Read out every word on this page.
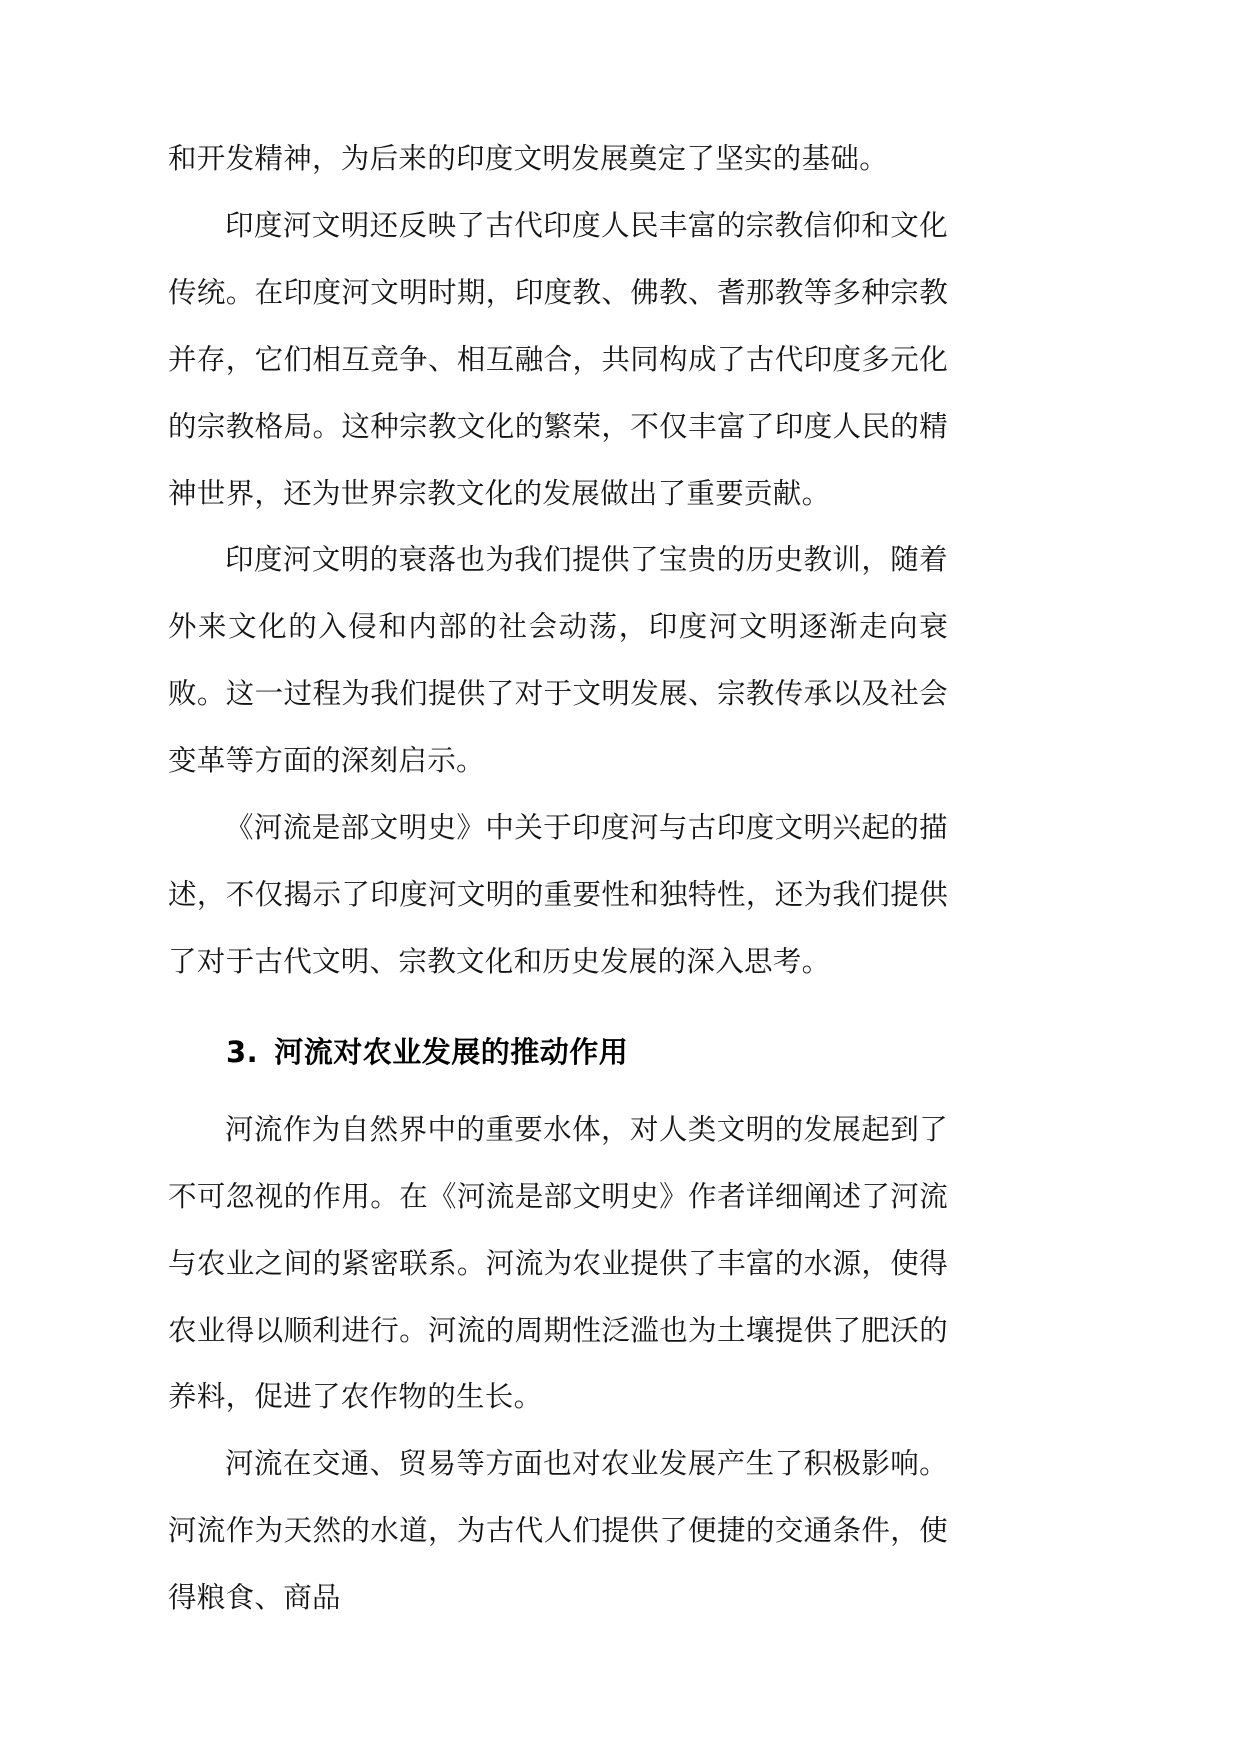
和开发精神，为后来的印度文明发展奠定了坚实的基础。

印度河文明还反映了古代印度人民丰富的宗教信仰和文化传统。在印度河文明时期，印度教、佛教、耆那教等多种宗教并存，它们相互竞争、相互融合，共同构成了古代印度多元化的宗教格局。这种宗教文化的繁荣，不仅丰富了印度人民的精神世界，还为世界宗教文化的发展做出了重要贡献。

印度河文明的衰落也为我们提供了宝贵的历史教训，随着外来文化的入侵和内部的社会动荡，印度河文明逐渐走向衰败。这一过程为我们提供了对于文明发展、宗教传承以及社会变革等方面的深刻启示。

《河流是部文明史》中关于印度河与古印度文明兴起的描述，不仅揭示了印度河文明的重要性和独特性，还为我们提供了对于古代文明、宗教文化和历史发展的深入思考。

3. 河流对农业发展的推动作用

河流作为自然界中的重要水体，对人类文明的发展起到了不可忽视的作用。在《河流是部文明史》作者详细阐述了河流与农业之间的紧密联系。河流为农业提供了丰富的水源，使得农业得以顺利进行。河流的周期性泛滥也为土壤提供了肥沃的养料，促进了农作物的生长。

河流在交通、贸易等方面也对农业发展产生了积极影响。河流作为天然的水道，为古代人们提供了便捷的交通条件，使得粮食、商品
